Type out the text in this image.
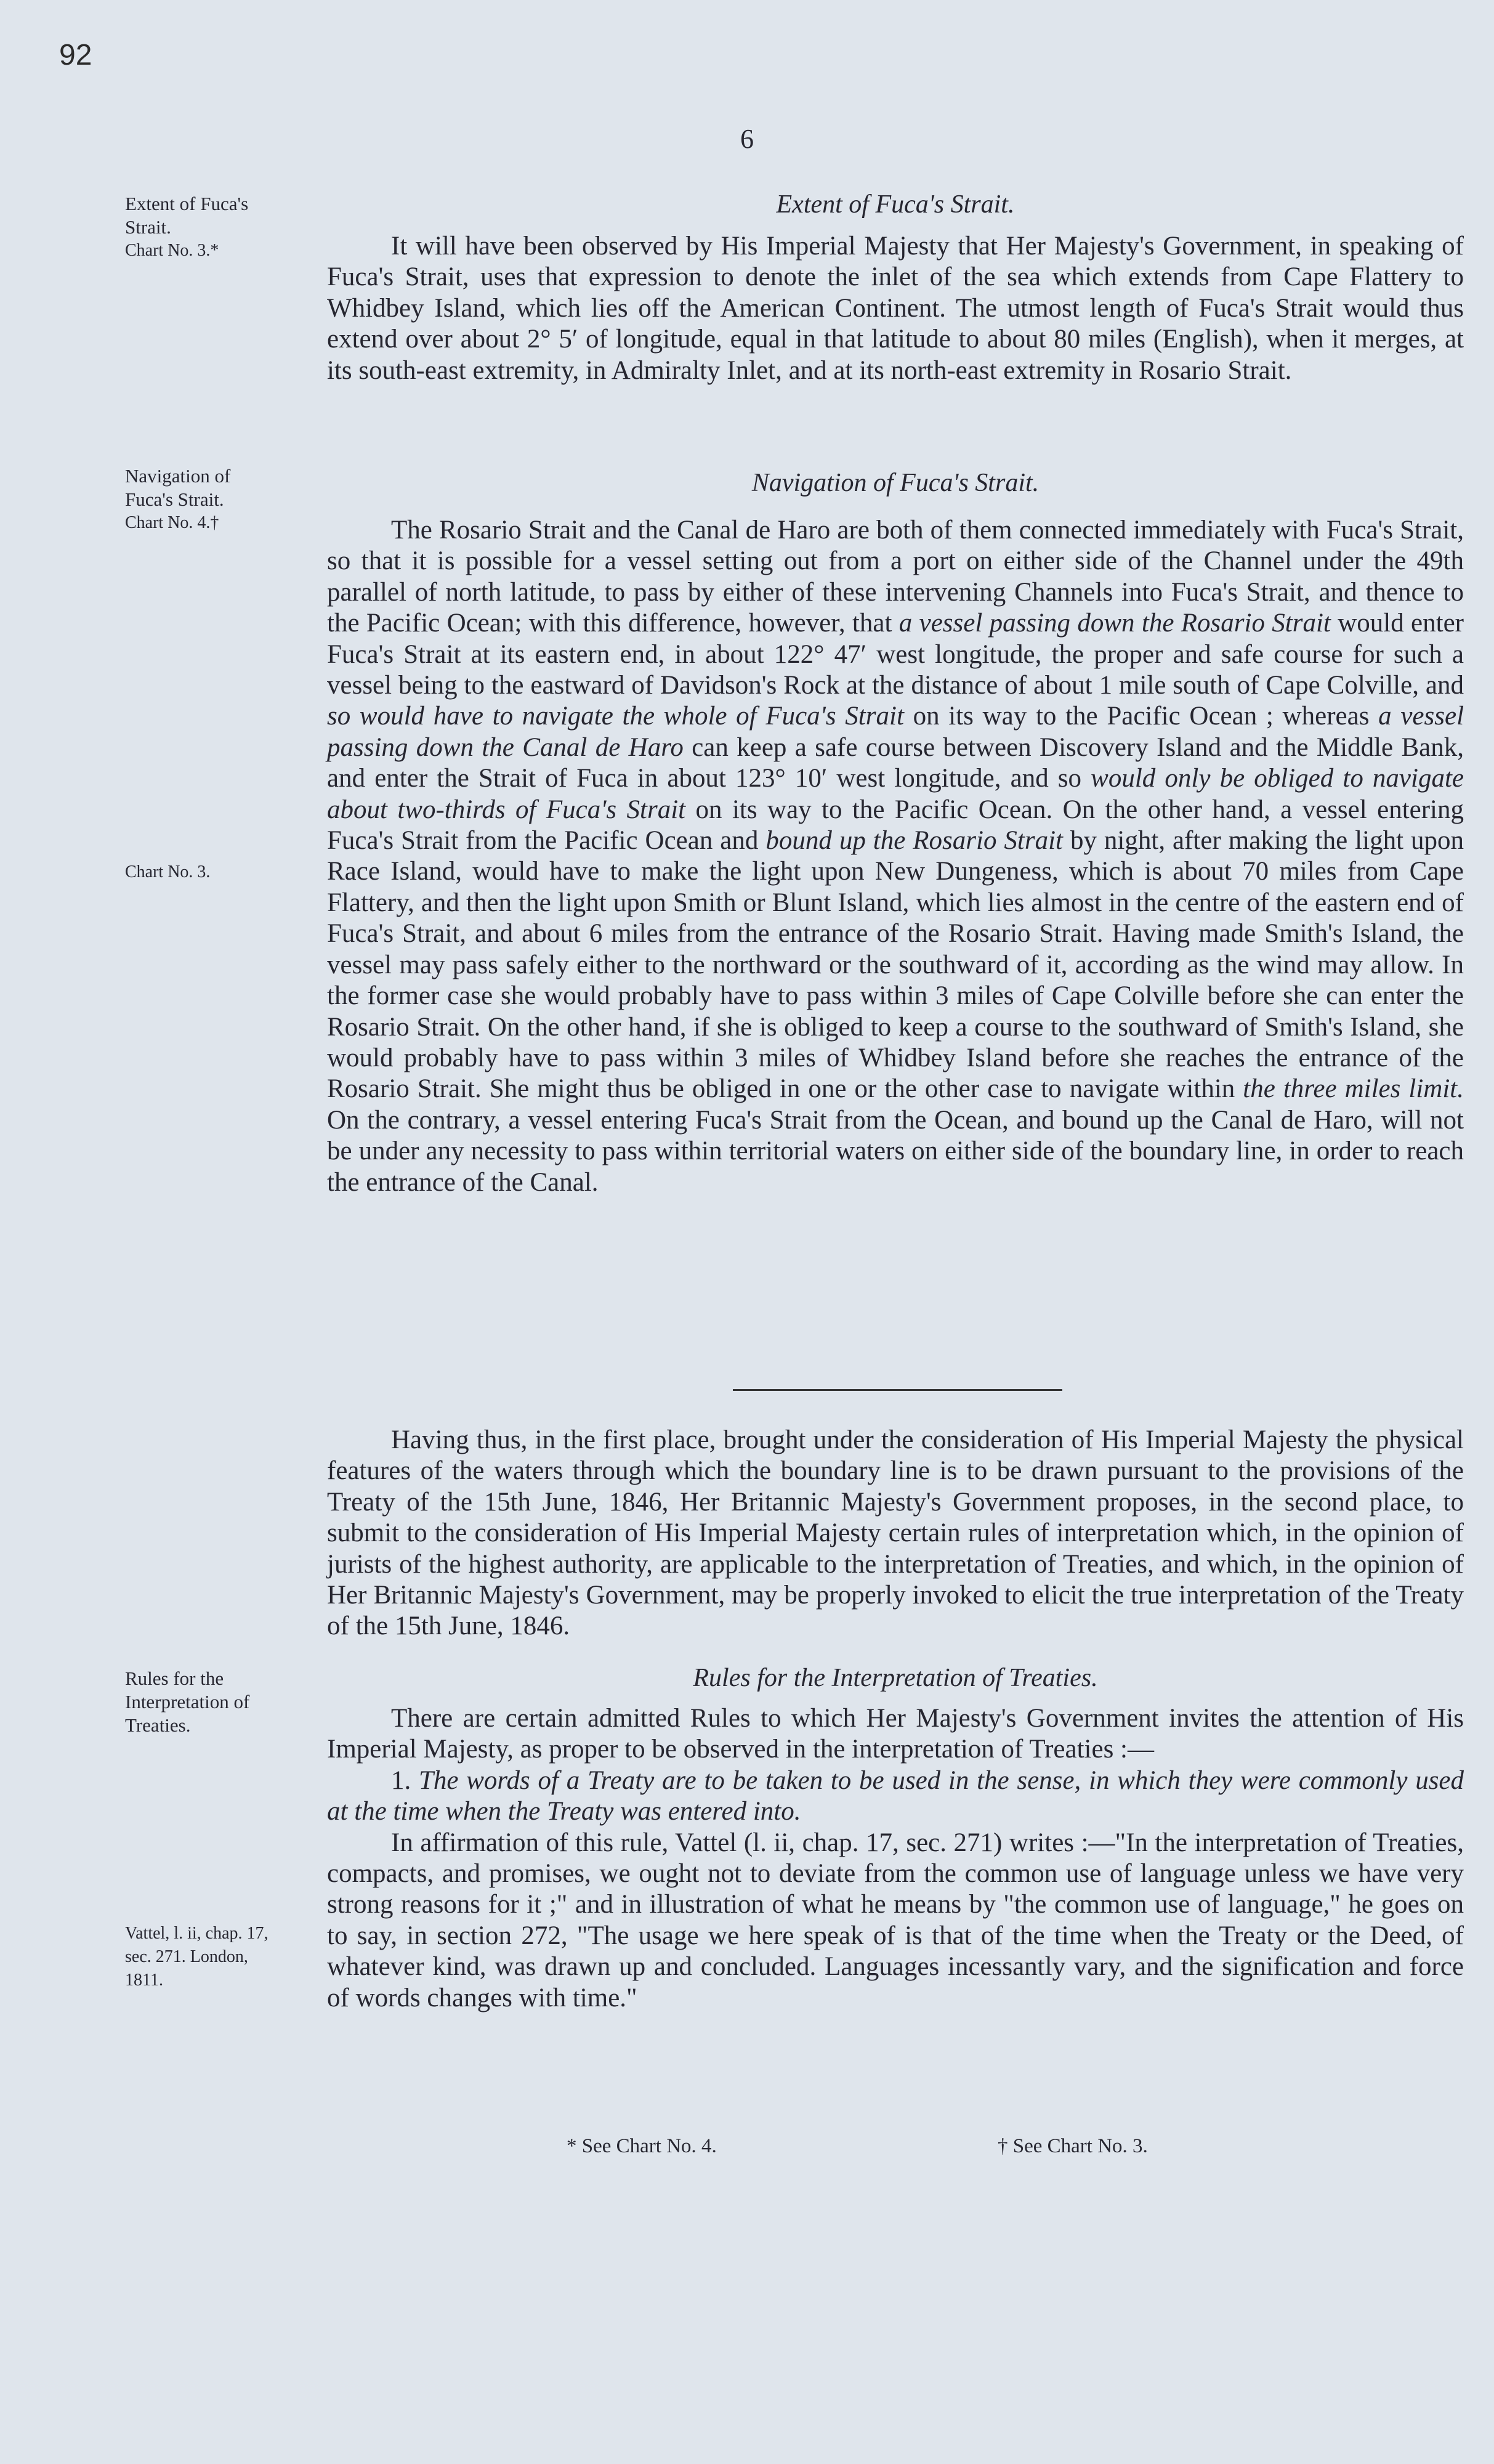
92
6
Extent of Fuca's
Strait.
Chart No. 3.*
Navigation of
Fuca's Strait.
Chart No. 4.†
Chart No. 3.
Rules for the
Interpretation of
Treaties.
Vattel, l. ii, chap. 17,
sec. 271. London,
1811.
Extent of Fuca's Strait.

It will have been observed by His Imperial Majesty that Her Majesty's Government, in speaking of Fuca's Strait, uses that expression to denote the inlet of the sea which extends from Cape Flattery to Whidbey Island, which lies off the American Continent. The utmost length of Fuca's Strait would thus extend over about 2° 5′ of longitude, equal in that latitude to about 80 miles (English), when it merges, at its south-east extremity, in Admiralty Inlet, and at its north-east extremity in Rosario Strait.

Navigation of Fuca's Strait.

The Rosario Strait and the Canal de Haro are both of them connected immediately with Fuca's Strait, so that it is possible for a vessel setting out from a port on either side of the Channel under the 49th parallel of north latitude, to pass by either of these intervening Channels into Fuca's Strait, and thence to the Pacific Ocean; with this difference, however, that a vessel passing down the Rosario Strait would enter Fuca's Strait at its eastern end, in about 122° 47′ west longitude, the proper and safe course for such a vessel being to the eastward of Davidson's Rock at the distance of about 1 mile south of Cape Colville, and so would have to navigate the whole of Fuca's Strait on its way to the Pacific Ocean ; whereas a vessel passing down the Canal de Haro can keep a safe course between Discovery Island and the Middle Bank, and enter the Strait of Fuca in about 123° 10′ west longitude, and so would only be obliged to navigate about two-thirds of Fuca's Strait on its way to the Pacific Ocean. On the other hand, a vessel entering Fuca's Strait from the Pacific Ocean and bound up the Rosario Strait by night, after making the light upon Race Island, would have to make the light upon New Dungeness, which is about 70 miles from Cape Flattery, and then the light upon Smith or Blunt Island, which lies almost in the centre of the eastern end of Fuca's Strait, and about 6 miles from the entrance of the Rosario Strait. Having made Smith's Island, the vessel may pass safely either to the northward or the southward of it, according as the wind may allow. In the former case she would probably have to pass within 3 miles of Cape Colville before she can enter the Rosario Strait. On the other hand, if she is obliged to keep a course to the southward of Smith's Island, she would probably have to pass within 3 miles of Whidbey Island before she reaches the entrance of the Rosario Strait. She might thus be obliged in one or the other case to navigate within the three miles limit. On the contrary, a vessel entering Fuca's Strait from the Ocean, and bound up the Canal de Haro, will not be under any necessity to pass within territorial waters on either side of the boundary line, in order to reach the entrance of the Canal.

Having thus, in the first place, brought under the consideration of His Imperial Majesty the physical features of the waters through which the boundary line is to be drawn pursuant to the provisions of the Treaty of the 15th June, 1846, Her Britannic Majesty's Government proposes, in the second place, to submit to the consideration of His Imperial Majesty certain rules of interpretation which, in the opinion of jurists of the highest authority, are applicable to the interpretation of Treaties, and which, in the opinion of Her Britannic Majesty's Government, may be properly invoked to elicit the true interpretation of the Treaty of the 15th June, 1846.

Rules for the Interpretation of Treaties.

There are certain admitted Rules to which Her Majesty's Government invites the attention of His Imperial Majesty, as proper to be observed in the interpretation of Treaties :—

1. The words of a Treaty are to be taken to be used in the sense, in which they were commonly used at the time when the Treaty was entered into.

In affirmation of this rule, Vattel (l. ii, chap. 17, sec. 271) writes :—"In the interpretation of Treaties, compacts, and promises, we ought not to deviate from the common use of language unless we have very strong reasons for it ;" and in illustration of what he means by "the common use of language," he goes on to say, in section 272, "The usage we here speak of is that of the time when the Treaty or the Deed, of whatever kind, was drawn up and concluded. Languages incessantly vary, and the signification and force of words changes with time."

* See Chart No. 4.	† See Chart No. 3.
